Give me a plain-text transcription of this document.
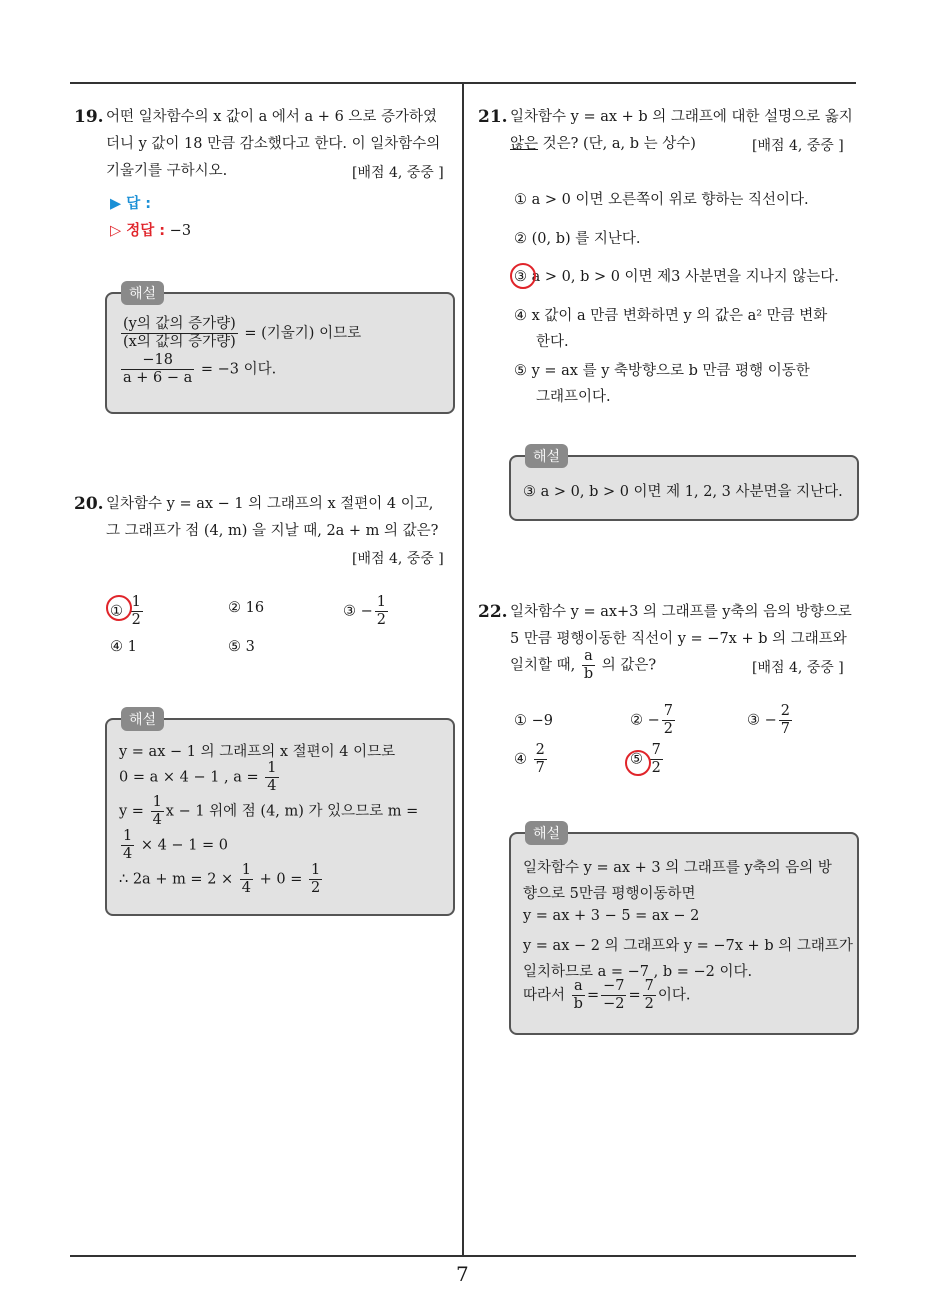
19. 어떤 일차함수의 x 값이 a 에서 a + 6 으로 증가하였
더니 y 값이 18 만큼 감소했다고 한다. 이 일차함수의
기울기를 구하시오.	[배점 4, 중중 ]
▶ 답 :
▷ 정답 : −3
해설
$\frac{\text{(y의 값의 증가량)}}{\text{(x의 값의 증가량)}}$ = (기울기) 이므로
$\frac{-18}{a + 6 - a} = -3$ 이다.
20. 일차함수 y = ax − 1 의 그래프의 x 절편이 4 이고,
그 그래프가 점 (4, m) 을 지날 때, 2a + m 의 값은?
[배점 4, 중중 ]
① $\frac{1}{2}$	② 16	③ − $\frac{1}{2}$
④ 1	⑤ 3
해설
y = ax − 1 의 그래프의 x 절편이 4 이므로
0 = a × 4 − 1 , $a = \frac{1}{4}$
$y = \frac{1}{4}$ x − 1 위에 점 (4, m) 가 있으므로 m =
$\frac{1}{4} \times 4 - 1 = 0$
∴ $2a + m = 2 \times \frac{1}{4} + 0 = \frac{1}{2}$
21. 일차함수 y = ax + b 의 그래프에 대한 설명으로 옳지
않은 것은? (단, a, b 는 상수)	[배점 4, 중중 ]
① a > 0 이면 오른쪽이 위로 향하는 직선이다.
② (0, b) 를 지난다.
③ a > 0, b > 0 이면 제3 사분면을 지나지 않는다.
④ x 값이 a 만큼 변화하면 y 의 값은 a² 만큼 변화
한다.
⑤ y = ax 를 y 축방향으로 b 만큼 평행 이동한
그래프이다.
해설
③ a > 0, b > 0 이면 제 1, 2, 3 사분면을 지난다.
22. 일차함수 y = ax+3 의 그래프를 y축의 음의 방향으로
5 만큼 평행이동한 직선이 y = −7x + b 의 그래프와
일치할 때, $\frac{a}{b}$ 의 값은?	[배점 4, 중중 ]
① −9	② − $\frac{7}{2}$	③ − $\frac{2}{7}$
④ $\frac{2}{7}$	⑤ $\frac{7}{2}$
해설
일차함수 y = ax + 3 의 그래프를 y축의 음의 방
향으로 5만큼 평행이동하면
y = ax + 3 − 5 = ax − 2
y = ax − 2 의 그래프와 y = −7x + b 의 그래프가
일치하므로 a = −7 , b = −2 이다.
따라서 $\frac{a}{b} = \frac{-7}{-2} = \frac{7}{2}$ 이다.
7
